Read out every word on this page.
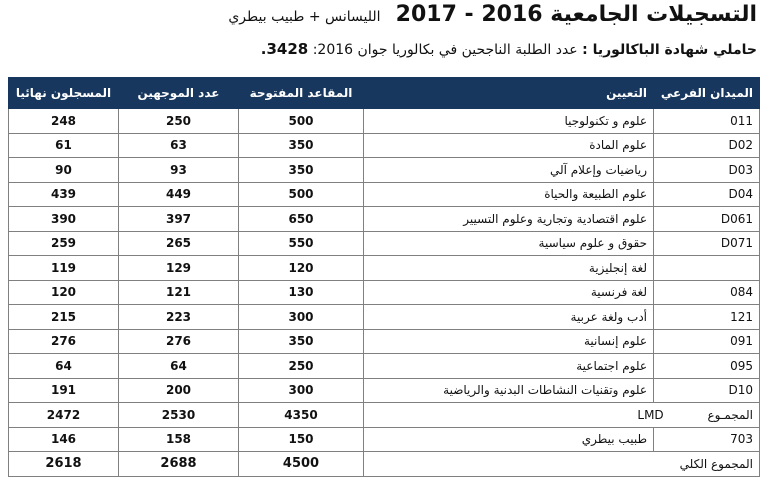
التسجيلات الجامعية 2016 - 2017 الليسانس + طبيب بيطري
حاملي شهادة الباكالوريا : عدد الطلبة الناجحين في بكالوريا جوان 2016: 3428.
الميدان الفرعي	التعيين	المقاعد المفتوحة	عدد الموجهين	المسجلون نهائيا
011	علوم و تكنولوجيا	500	250	248
D02	علوم المادة	350	63	61
D03	رياضيات وإعلام آلي	350	93	90
D04	علوم الطبيعة والحياة	500	449	439
D061	علوم اقتصادية وتجارية وعلوم التسيير	650	397	390
D071	حقوق و علوم سياسية	550	265	259
	لغة إنجليزية	120	129	119
084	لغة فرنسية	130	121	120
121	أدب ولغة عربية	300	223	215
091	علوم إنسانية	350	276	276
095	علوم اجتماعية	250	64	64
D10	علوم وتقنيات النشاطات البدنية والرياضية	300	200	191
المجمـوع LMD		4350	2530	2472
703	طبيب بيطري	150	158	146
المجموع الكلي		4500	2688	2618
